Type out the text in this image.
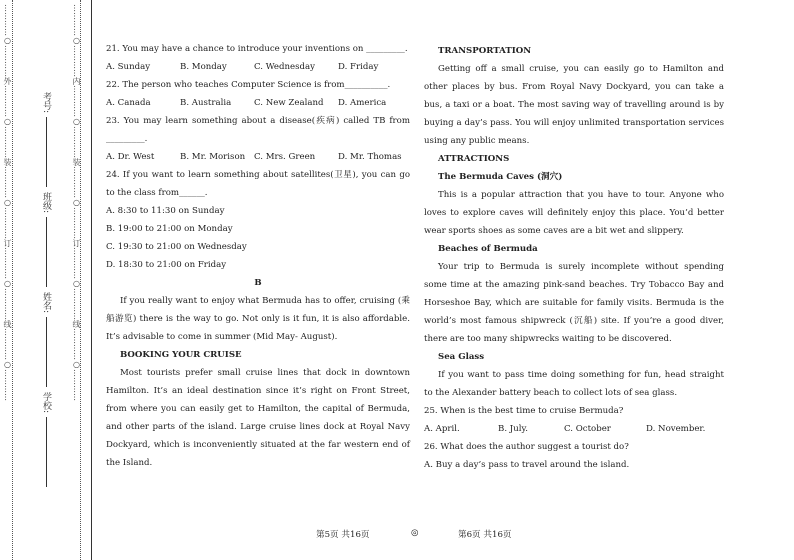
…………○…………外…………○…………装…………○…………订…………○…………线…………○…………
学校:
姓名:
班级:
考号:	…………○…………内…………○…………装…………○…………订…………○…………线…………○…………	21. You may have a chance to introduce your inventions on _________.

A. Sunday	B. Monday	C. Wednesday	D. Friday

22. The person who teaches Computer Science is from__________.

A. Canada	B. Australia	C. New Zealand	D. America

23. You may learn something about a disease(疾病) called TB from _________.

A. Dr. West	B. Mr. Morison	C. Mrs. Green	D. Mr. Thomas

24. If you want to learn something about satellites(卫星), you can go to the class from______.

A. 8:30 to 11:30 on Sunday
B. 19:00 to 21:00 on Monday
C. 19:30 to 21:00 on Wednesday
D. 18:30 to 21:00 on Friday
B

If you really want to enjoy what Bermuda has to offer, cruising (乘船游览) there is the way to go. Not only is it fun, it is also affordable. It’s advisable to come in summer (Mid May- August).

BOOKING YOUR CRUISE

Most tourists prefer small cruise lines that dock in downtown Hamilton. It’s an ideal destination since it’s right on Front Street, from where you can easily get to Hamilton, the capital of Bermuda, and other parts of the island. Large cruise lines dock at Royal Navy Dockyard, which is inconveniently situated at the far western end of the Island.

TRANSPORTATION

Getting off a small cruise, you can easily go to Hamilton and other places by bus. From Royal Navy Dockyard, you can take a bus, a taxi or a boat. The most saving way of travelling around is by buying a day’s pass. You will enjoy unlimited transportation services using any public means.

ATTRACTIONS
The Bermuda Caves (洞穴)

This is a popular attraction that you have to tour. Anyone who loves to explore caves will definitely enjoy this place. You’d better wear sports shoes as some caves are a bit wet and slippery.

Beaches of Bermuda

Your trip to Bermuda is surely incomplete without spending some time at the amazing pink-sand beaches. Try Tobacco Bay and Horseshoe Bay, which are suitable for family visits. Bermuda is the world’s most famous shipwreck (沉船) site. If you’re a good diver, there are too many shipwrecks waiting to be discovered.

Sea Glass

If you want to pass time doing something for fun, head straight to the Alexander battery beach to collect lots of sea glass.

25. When is the best time to cruise Bermuda?

A. April.	B. July.	C. October	D. November.

26. What does the author suggest a tourist do?

A. Buy a day’s pass to travel around the island.
第5页 共16页	◎	第6页 共16页
